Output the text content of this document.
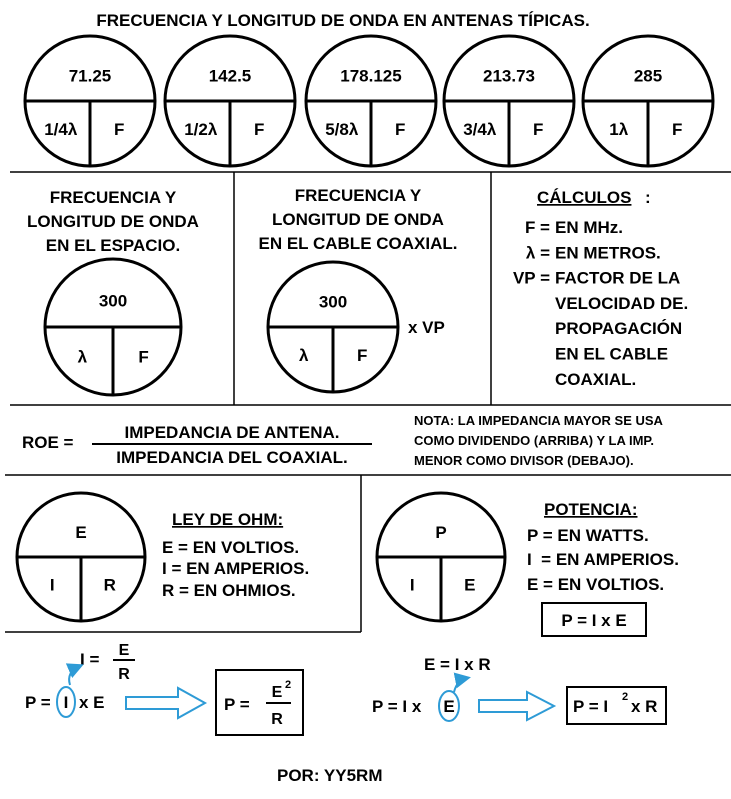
FRECUENCIA Y LONGITUD DE ONDA EN ANTENAS TÍPICAS.
71.25
1/4λ F
142.5
1/2λ F
178.125
5/8λ F
213.73
3/4λ F
285
1λ	F
FRECUENCIA Y
LONGITUD DE ONDA
EN EL ESPACIO.
300
λ	F
FRECUENCIA Y
LONGITUD DE ONDA
EN EL CABLE COAXIAL.
300
λ	F
x VP
CÁLCULOS :
F = EN MHz.
λ = EN METROS.
VP = FACTOR DE LA
VELOCIDAD DE.
PROPAGACIÓN
EN EL CABLE
COAXIAL.
ROE =
IMPEDANCIA DE ANTENA.
IMPEDANCIA DEL COAXIAL.
NOTA: LA IMPEDANCIA MAYOR SE USA
COMO DIVIDENDO (ARRIBA) Y LA IMP.
MENOR COMO DIVISOR (DEBAJO).
E
I	R
LEY DE OHM:
E = EN VOLTIOS.
I = EN AMPERIOS.
R = EN OHMIOS.
P
I	E
POTENCIA:
P = EN WATTS.
I  = EN AMPERIOS.
E = EN VOLTIOS.
P = I x E
I = E
R
P = I x E	P =
E 2
R
E = I x R
P = I x E	P = I 2 x R
POR: YY5RM
